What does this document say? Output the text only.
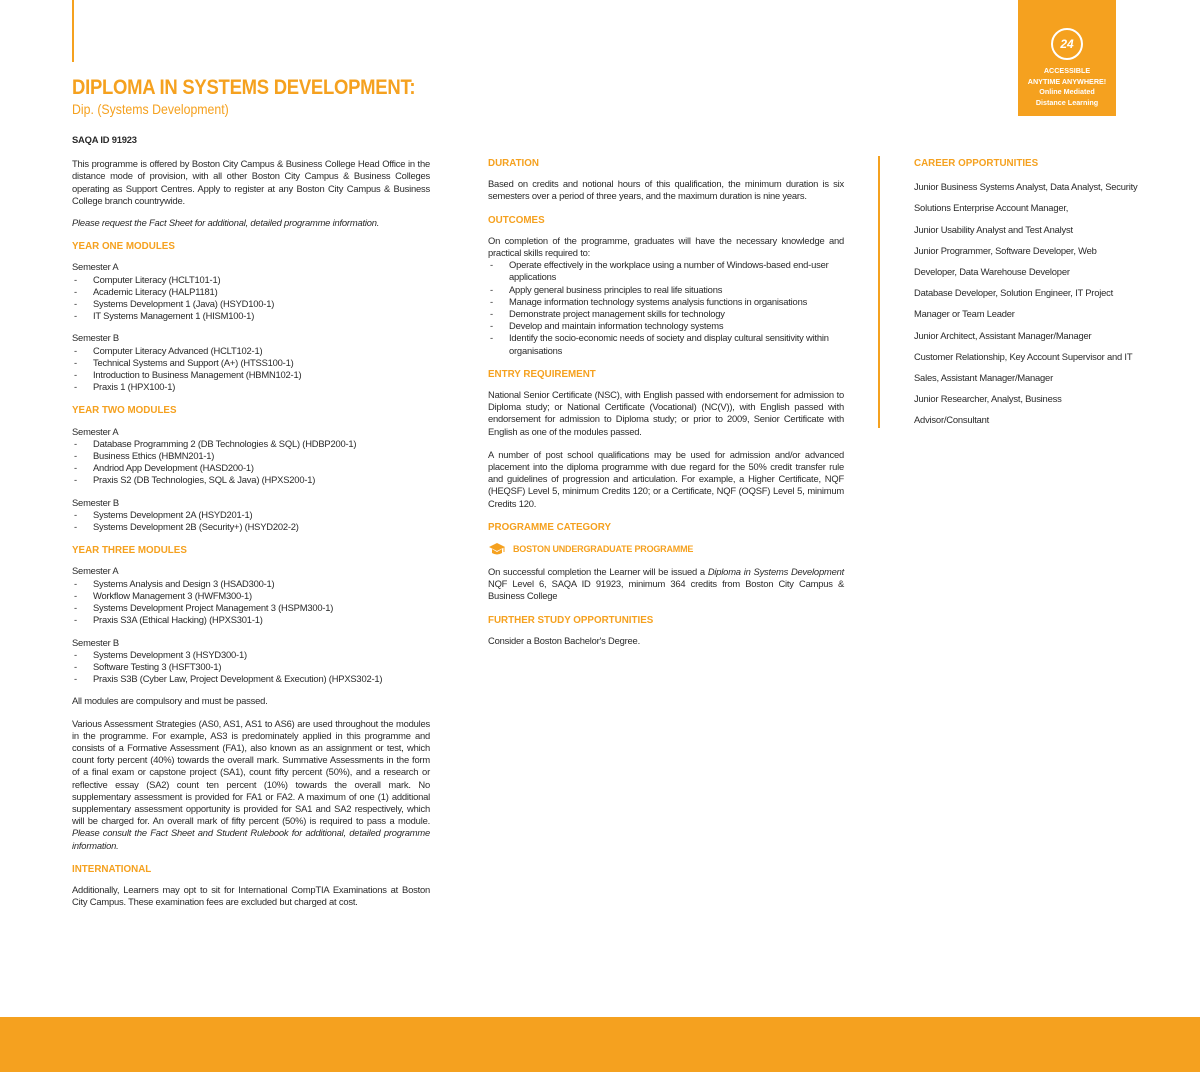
24
ACCESSIBLE
ANYTIME ANYWHERE!
Online Mediated
Distance Learning
DIPLOMA IN SYSTEMS DEVELOPMENT:
Dip. (Systems Development)
SAQA ID 91923
This programme is offered by Boston City Campus & Business College Head Office in the distance mode of provision, with all other Boston City Campus & Business Colleges operating as Support Centres. Apply to register at any Boston City Campus & Business College branch countrywide.
Please request the Fact Sheet for additional, detailed programme information.
YEAR ONE MODULES
Semester A
- Computer Literacy (HCLT101-1)
- Academic Literacy (HALP1181)
- Systems Development 1 (Java) (HSYD100-1)
- IT Systems Management 1 (HISM100-1)
Semester B
- Computer Literacy Advanced (HCLT102-1)
- Technical Systems and Support (A+) (HTSS100-1)
- Introduction to Business Management (HBMN102-1)
- Praxis 1 (HPX100-1)
YEAR TWO MODULES
Semester A
- Database Programming 2 (DB Technologies & SQL) (HDBP200-1)
- Business Ethics (HBMN201-1)
- Andriod App Development (HASD200-1)
- Praxis S2 (DB Technologies, SQL & Java) (HPXS200-1)
Semester B
- Systems Development 2A (HSYD201-1)
- Systems Development 2B (Security+) (HSYD202-2)
YEAR THREE MODULES
Semester A
- Systems Analysis and Design 3 (HSAD300-1)
- Workflow Management 3 (HWFM300-1)
- Systems Development Project Management 3 (HSPM300-1)
- Praxis S3A (Ethical Hacking) (HPXS301-1)
Semester B
- Systems Development 3 (HSYD300-1)
- Software Testing 3 (HSFT300-1)
- Praxis S3B (Cyber Law, Project Development & Execution) (HPXS302-1)
All modules are compulsory and must be passed.
Various Assessment Strategies (AS0, AS1, AS1 to AS6) are used throughout the modules in the programme. For example, AS3 is predominately applied in this programme and consists of a Formative Assessment (FA1), also known as an assignment or test, which count forty percent (40%) towards the overall mark. Summative Assessments in the form of a final exam or capstone project (SA1), count fifty percent (50%), and a research or reflective essay (SA2) count ten percent (10%) towards the overall mark. No supplementary assessment is provided for FA1 or FA2. A maximum of one (1) additional supplementary assessment opportunity is provided for SA1 and SA2 respectively, which will be charged for. An overall mark of fifty percent (50%) is required to pass a module. Please consult the Fact Sheet and Student Rulebook for additional, detailed programme information.
INTERNATIONAL
Additionally, Learners may opt to sit for International CompTIA Examinations at Boston City Campus. These examination fees are excluded but charged at cost.
DURATION
Based on credits and notional hours of this qualification, the minimum duration is six semesters over a period of three years, and the maximum duration is nine years.
OUTCOMES
On completion of the programme, graduates will have the necessary knowledge and practical skills required to:
- Operate effectively in the workplace using a number of Windows-based end-user applications
- Apply general business principles to real life situations
- Manage information technology systems analysis functions in organisations
- Demonstrate project management skills for technology
- Develop and maintain information technology systems
- Identify the socio-economic needs of society and display cultural sensitivity within organisations
ENTRY REQUIREMENT
National Senior Certificate (NSC), with English passed with endorsement for admission to Diploma study; or National Certificate (Vocational) (NC(V)), with English passed with endorsement for admission to Diploma study; or prior to 2009, Senior Certificate with English as one of the modules passed.
A number of post school qualifications may be used for admission and/or advanced placement into the diploma programme with due regard for the 50% credit transfer rule and guidelines of progression and articulation. For example, a Higher Certificate, NQF (HEQSF) Level 5, minimum Credits 120; or a Certificate, NQF (OQSF) Level 5, minimum Credits 120.
PROGRAMME CATEGORY
BOSTON UNDERGRADUATE PROGRAMME
On successful completion the Learner will be issued a Diploma in Systems Development NQF Level 6, SAQA ID 91923, minimum 364 credits from Boston City Campus & Business College
FURTHER STUDY OPPORTUNITIES
Consider a Boston Bachelor's Degree.
CAREER OPPORTUNITIES
Junior Business Systems Analyst, Data Analyst, Security
Solutions Enterprise Account Manager,
Junior Usability Analyst and Test Analyst
Junior Programmer, Software Developer, Web
Developer, Data Warehouse Developer
Database Developer, Solution Engineer, IT Project
Manager or Team Leader
Junior Architect, Assistant Manager/Manager
Customer Relationship, Key Account Supervisor and IT
Sales, Assistant Manager/Manager
Junior Researcher, Analyst, Business
Advisor/Consultant
